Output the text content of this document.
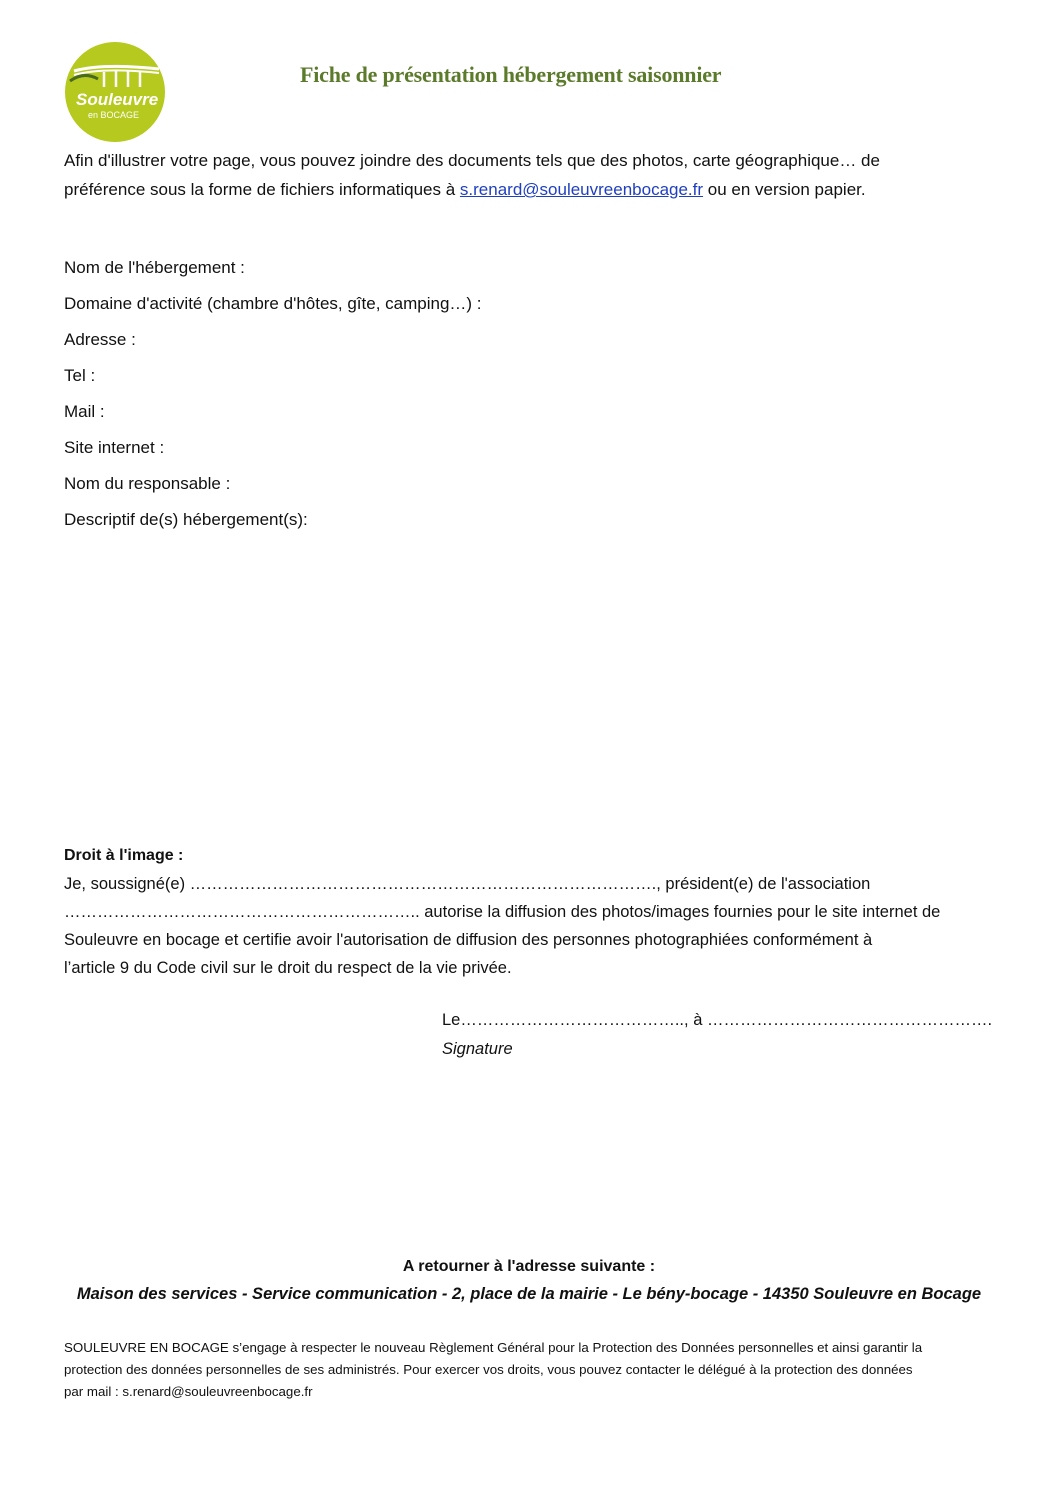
Souleuvre
en BOCAGE
Fiche de présentation hébergement saisonnier
Afin d'illustrer votre page, vous pouvez joindre des documents tels que des photos, carte géographique… de préférence sous la forme de fichiers informatiques à s.renard@souleuvreenbocage.fr ou en version papier.
Nom de l'hébergement :
Domaine d'activité (chambre d'hôtes, gîte, camping…) :
Adresse :
Tel :
Mail :
Site internet :
Nom du responsable :
Descriptif de(s) hébergement(s):
Droit à l'image :
Je, soussigné(e) …………………………………………………………………………., président(e) de l'association
……………………………………………………….. autorise la diffusion des photos/images fournies pour le site internet de
Souleuvre en bocage et certifie avoir l'autorisation de diffusion des personnes photographiées conformément à
l’article 9 du Code civil sur le droit du respect de la vie privée.
Le………………………………….., à …………………………………………….
Signature
A retourner à l'adresse suivante :
Maison des services - Service communication - 2, place de la mairie - Le bény-bocage - 14350 Souleuvre en Bocage
SOULEUVRE EN BOCAGE s’engage à respecter le nouveau Règlement Général pour la Protection des Données personnelles et ainsi garantir la
protection des données personnelles de ses administrés. Pour exercer vos droits, vous pouvez contacter le délégué à la protection des données
par mail : s.renard@souleuvreenbocage.fr
